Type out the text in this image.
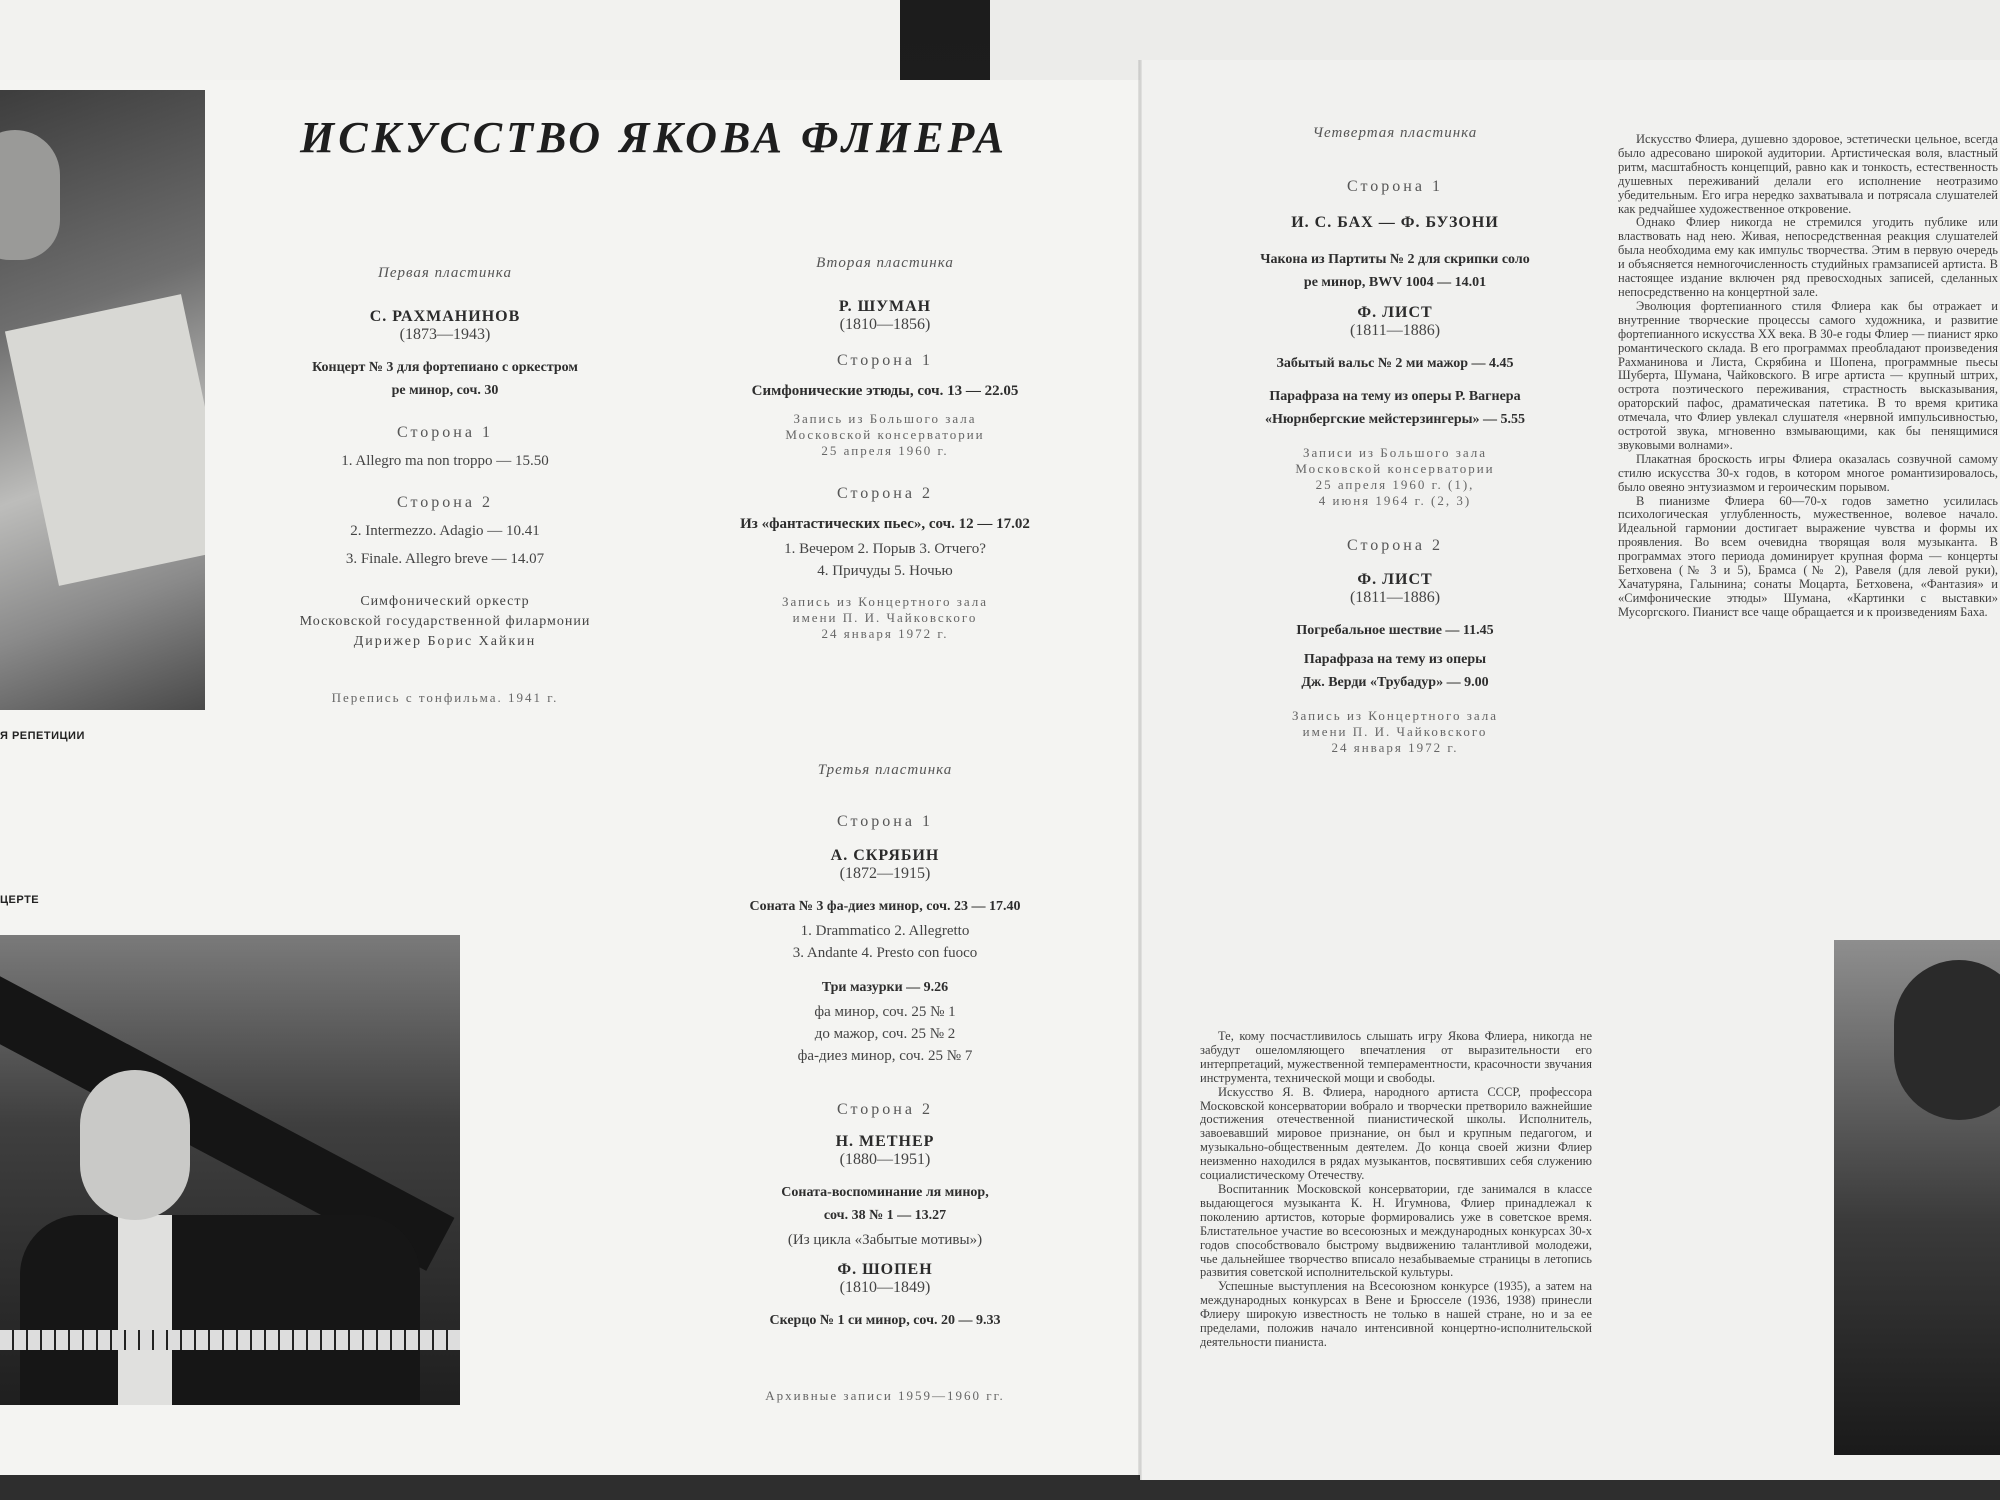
Я РЕПЕТИЦИИ
ЦЕРТЕ
ИСКУССТВО ЯКОВА ФЛИЕРА
Первая пластинка
С. РАХМАНИНОВ
(1873—1943)
Концерт № 3 для фортепиано с оркестром
ре минор, соч. 30
Сторона 1
1. Allegro ma non troppo — 15.50
Сторона 2
2. Intermezzo. Adagio — 10.41
3. Finale. Allegro breve — 14.07
Симфонический оркестр
Московской государственной филармонии
Дирижер Борис Хайкин
Перепись с тонфильма. 1941 г.
Вторая пластинка
Р. ШУМАН
(1810—1856)
Сторона 1
Симфонические этюды, соч. 13 — 22.05
Запись из Большого зала
Московской консерватории
25 апреля 1960 г.
Сторона 2
Из «фантастических пьес», соч. 12 — 17.02
1. Вечером 2. Порыв 3. Отчего?
4. Причуды 5. Ночью
Запись из Концертного зала
имени П. И. Чайковского
24 января 1972 г.
Третья пластинка
Сторона 1
А. СКРЯБИН
(1872—1915)
Соната № 3 фа-диез минор, соч. 23 — 17.40
1. Drammatico 2. Allegretto
3. Andante 4. Presto con fuoco
Три мазурки — 9.26
фа минор, соч. 25 № 1
до мажор, соч. 25 № 2
фа-диез минор, соч. 25 № 7
Сторона 2
Н. МЕТНЕР
(1880—1951)
Соната-воспоминание ля минор,
соч. 38 № 1 — 13.27
(Из цикла «Забытые мотивы»)
Ф. ШОПЕН
(1810—1849)
Скерцо № 1 си минор, соч. 20 — 9.33
Архивные записи 1959—1960 гг.
Четвертая пластинка
Сторона 1
И. С. БАХ — Ф. БУЗОНИ
Чакона из Партиты № 2 для скрипки соло
ре минор, BWV 1004 — 14.01
Ф. ЛИСТ
(1811—1886)
Забытый вальс № 2 ми мажор — 4.45
Парафраза на тему из оперы Р. Вагнера
«Нюрнбергские мейстерзингеры» — 5.55
Записи из Большого зала
Московской консерватории
25 апреля 1960 г. (1),
4 июня 1964 г. (2, 3)
Сторона 2
Ф. ЛИСТ
(1811—1886)
Погребальное шествие — 11.45
Парафраза на тему из оперы
Дж. Верди «Трубадур» — 9.00
Запись из Концертного зала
имени П. И. Чайковского
24 января 1972 г.

Искусство Флиера, душевно здоровое, эстетически цельное, всегда было адресовано широкой аудитории. Артистическая воля, властный ритм, масштабность концепций, равно как и тонкость, естественность душевных переживаний делали его исполнение неотразимо убедительным. Его игра нередко захватывала и потрясала слушателей как редчайшее художественное откровение.

Однако Флиер никогда не стремился угодить публике или властвовать над нею. Живая, непосредственная реакция слушателей была необходима ему как импульс творчества. Этим в первую очередь и объясняется немногочисленность студийных грамзаписей артиста. В настоящее издание включен ряд превосходных записей, сделанных непосредственно на концертной зале.

Эволюция фортепианного стиля Флиера как бы отражает и внутренние творческие процессы самого художника, и развитие фортепианного искусства XX века. В 30-е годы Флиер — пианист ярко романтического склада. В его программах преобладают произведения Рахманинова и Листа, Скрябина и Шопена, программные пьесы Шуберта, Шумана, Чайковского. В игре артиста — крупный штрих, острота поэтического переживания, страстность высказывания, ораторский пафос, драматическая патетика. В то время критика отмечала, что Флиер увлекал слушателя «нервной импульсивностью, остротой звука, мгновенно взмывающими, как бы пенящимися звуковыми волнами».

Плакатная броскость игры Флиера оказалась созвучной самому стилю искусства 30-х годов, в котором многое романтизировалось, было овеяно энтузиазмом и героическим порывом.

В пианизме Флиера 60—70-х годов заметно усилилась психологическая углубленность, мужественное, волевое начало. Идеальной гармонии достигает выражение чувства и формы их проявления. Во всем очевидна творящая воля музыканта. В программах этого периода доминирует крупная форма — концерты Бетховена (№ 3 и 5), Брамса (№ 2), Равеля (для левой руки), Хачатуряна, Галынина; сонаты Моцарта, Бетховена, «Фантазия» и «Симфонические этюды» Шумана, «Картинки с выставки» Мусоргского. Пианист все чаще обращается и к произведениям Баха.

Те, кому посчастливилось слышать игру Якова Флиера, никогда не забудут ошеломляющего впечатления от выразительности его интерпретаций, мужественной темпераментности, красочности звучания инструмента, технической мощи и свободы.

Искусство Я. В. Флиера, народного артиста СССР, профессора Московской консерватории вобрало и творчески претворило важнейшие достижения отечественной пианистической школы. Исполнитель, завоевавший мировое признание, он был и крупным педагогом, и музыкально-общественным деятелем. До конца своей жизни Флиер неизменно находился в рядах музыкантов, посвятивших себя служению социалистическому Отечеству.

Воспитанник Московской консерватории, где занимался в классе выдающегося музыканта К. Н. Игумнова, Флиер принадлежал к поколению артистов, которые формировались уже в советское время. Блистательное участие во всесоюзных и международных конкурсах 30-х годов способствовало быстрому выдвижению талантливой молодежи, чье дальнейшее творчество вписало незабываемые страницы в летопись развития советской исполнительской культуры.

Успешные выступления на Всесоюзном конкурсе (1935), а затем на международных конкурсах в Вене и Брюсселе (1936, 1938) принесли Флиеру широкую известность не только в нашей стране, но и за ее пределами, положив начало интенсивной концертно-исполнительской деятельности пианиста.
